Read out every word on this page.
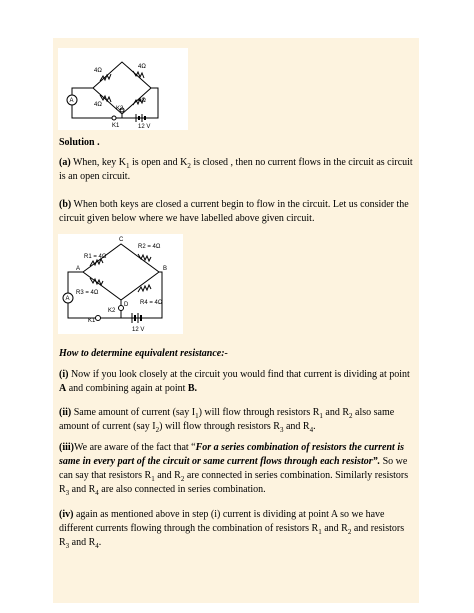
A
4Ω
4Ω
4Ω
4Ω
K2
K1	12 V
Solution .
(a) When, key $K_1$ is open and $K_2$ is closed , then no current flows in the circuit as circuit is an open circuit.
(b) When both keys are closed a current begin to flow in the circuit. Let us consider the circuit given below where we have labelled above given circuit.
A
C
A	B
D
R1 = 4Ω
R2 = 4Ω
R3 = 4Ω
R4 = 4Ω
K2
K1
12 V
How to determine equivalent resistance:-
(i) Now if you look closely at the circuit you would find that current is dividing at point A and combining again at point B.
(ii) Same amount of current (say $I_1$) will flow through resistors $R_1$ and $R_2$ also same amount of current (say $I_2$) will flow through resistors $R_3$ and $R_4$.
(iii)We are aware of the fact that “For a series combination of resistors the current is same in every part of the circuit or same current flows through each resistor”. So we can say that resistors $R_1$ and $R_2$ are connected in series combination. Similarly resistors $R_3$ and $R_4$ are also connected in series combination.
(iv) again as mentioned above in step (i) current is dividing at point A so we have different currents flowing through the combination of resistors $R_1$ and $R_2$ and resistors $R_3$ and $R_4$.
